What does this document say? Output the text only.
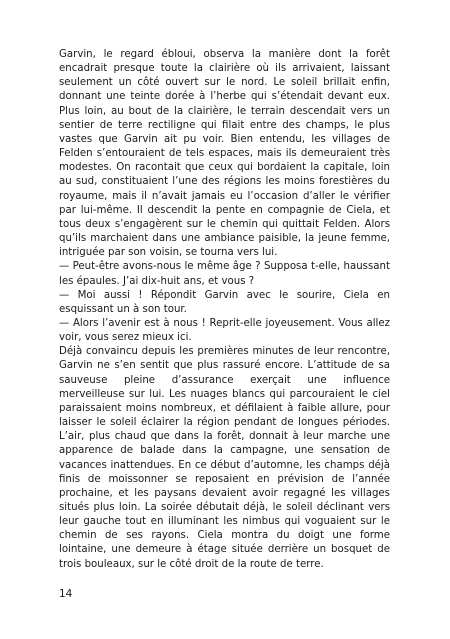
Garvin, le regard ébloui, observa la manière dont la forêt encadrait presque toute la clairière où ils arrivaient, laissant seulement un côté ouvert sur le nord. Le soleil brillait enfin, donnant une teinte dorée à l’herbe qui s’étendait devant eux. Plus loin, au bout de la clairière, le terrain descendait vers un sentier de terre rectiligne qui filait entre des champs, le plus vastes que Garvin ait pu voir. Bien entendu, les villages de Felden s’entouraient de tels espaces, mais ils demeuraient très modestes. On racontait que ceux qui bordaient la capitale, loin au sud, constituaient l’une des régions les moins forestières du royaume, mais il n’avait jamais eu l’occasion d’aller le vérifier par lui-même. Il descendit la pente en compagnie de Ciela, et tous deux s’engagèrent sur le chemin qui quittait Felden. Alors qu’ils marchaient dans une ambiance paisible, la jeune femme, intriguée par son voisin, se tourna vers lui.

— Peut-être avons-nous le même âge ? Supposa t-elle, haussant les épaules. J’ai dix-huit ans, et vous ?

— Moi aussi ! Répondit Garvin avec le sourire, Ciela en esquissant un à son tour.

— Alors l’avenir est à nous ! Reprit-elle joyeusement. Vous allez voir, vous serez mieux ici.

Déjà convaincu depuis les premières minutes de leur rencontre, Garvin ne s’en sentit que plus rassuré encore. L’attitude de sa sauveuse pleine d’assurance exerçait une influence merveilleuse sur lui. Les nuages blancs qui parcouraient le ciel paraissaient moins nombreux, et défilaient à faible allure, pour laisser le soleil éclairer la région pendant de longues périodes. L’air, plus chaud que dans la forêt, donnait à leur marche une apparence de balade dans la campagne, une sensation de vacances inattendues. En ce début d’automne, les champs déjà finis de moissonner se reposaient en prévision de l’année prochaine, et les paysans devaient avoir regagné les villages situés plus loin. La soirée débutait déjà, le soleil déclinant vers leur gauche tout en illuminant les nimbus qui voguaient sur le chemin de ses rayons. Ciela montra du doigt une forme lointaine, une demeure à étage située derrière un bosquet de trois bouleaux, sur le côté droit de la route de terre.

14
